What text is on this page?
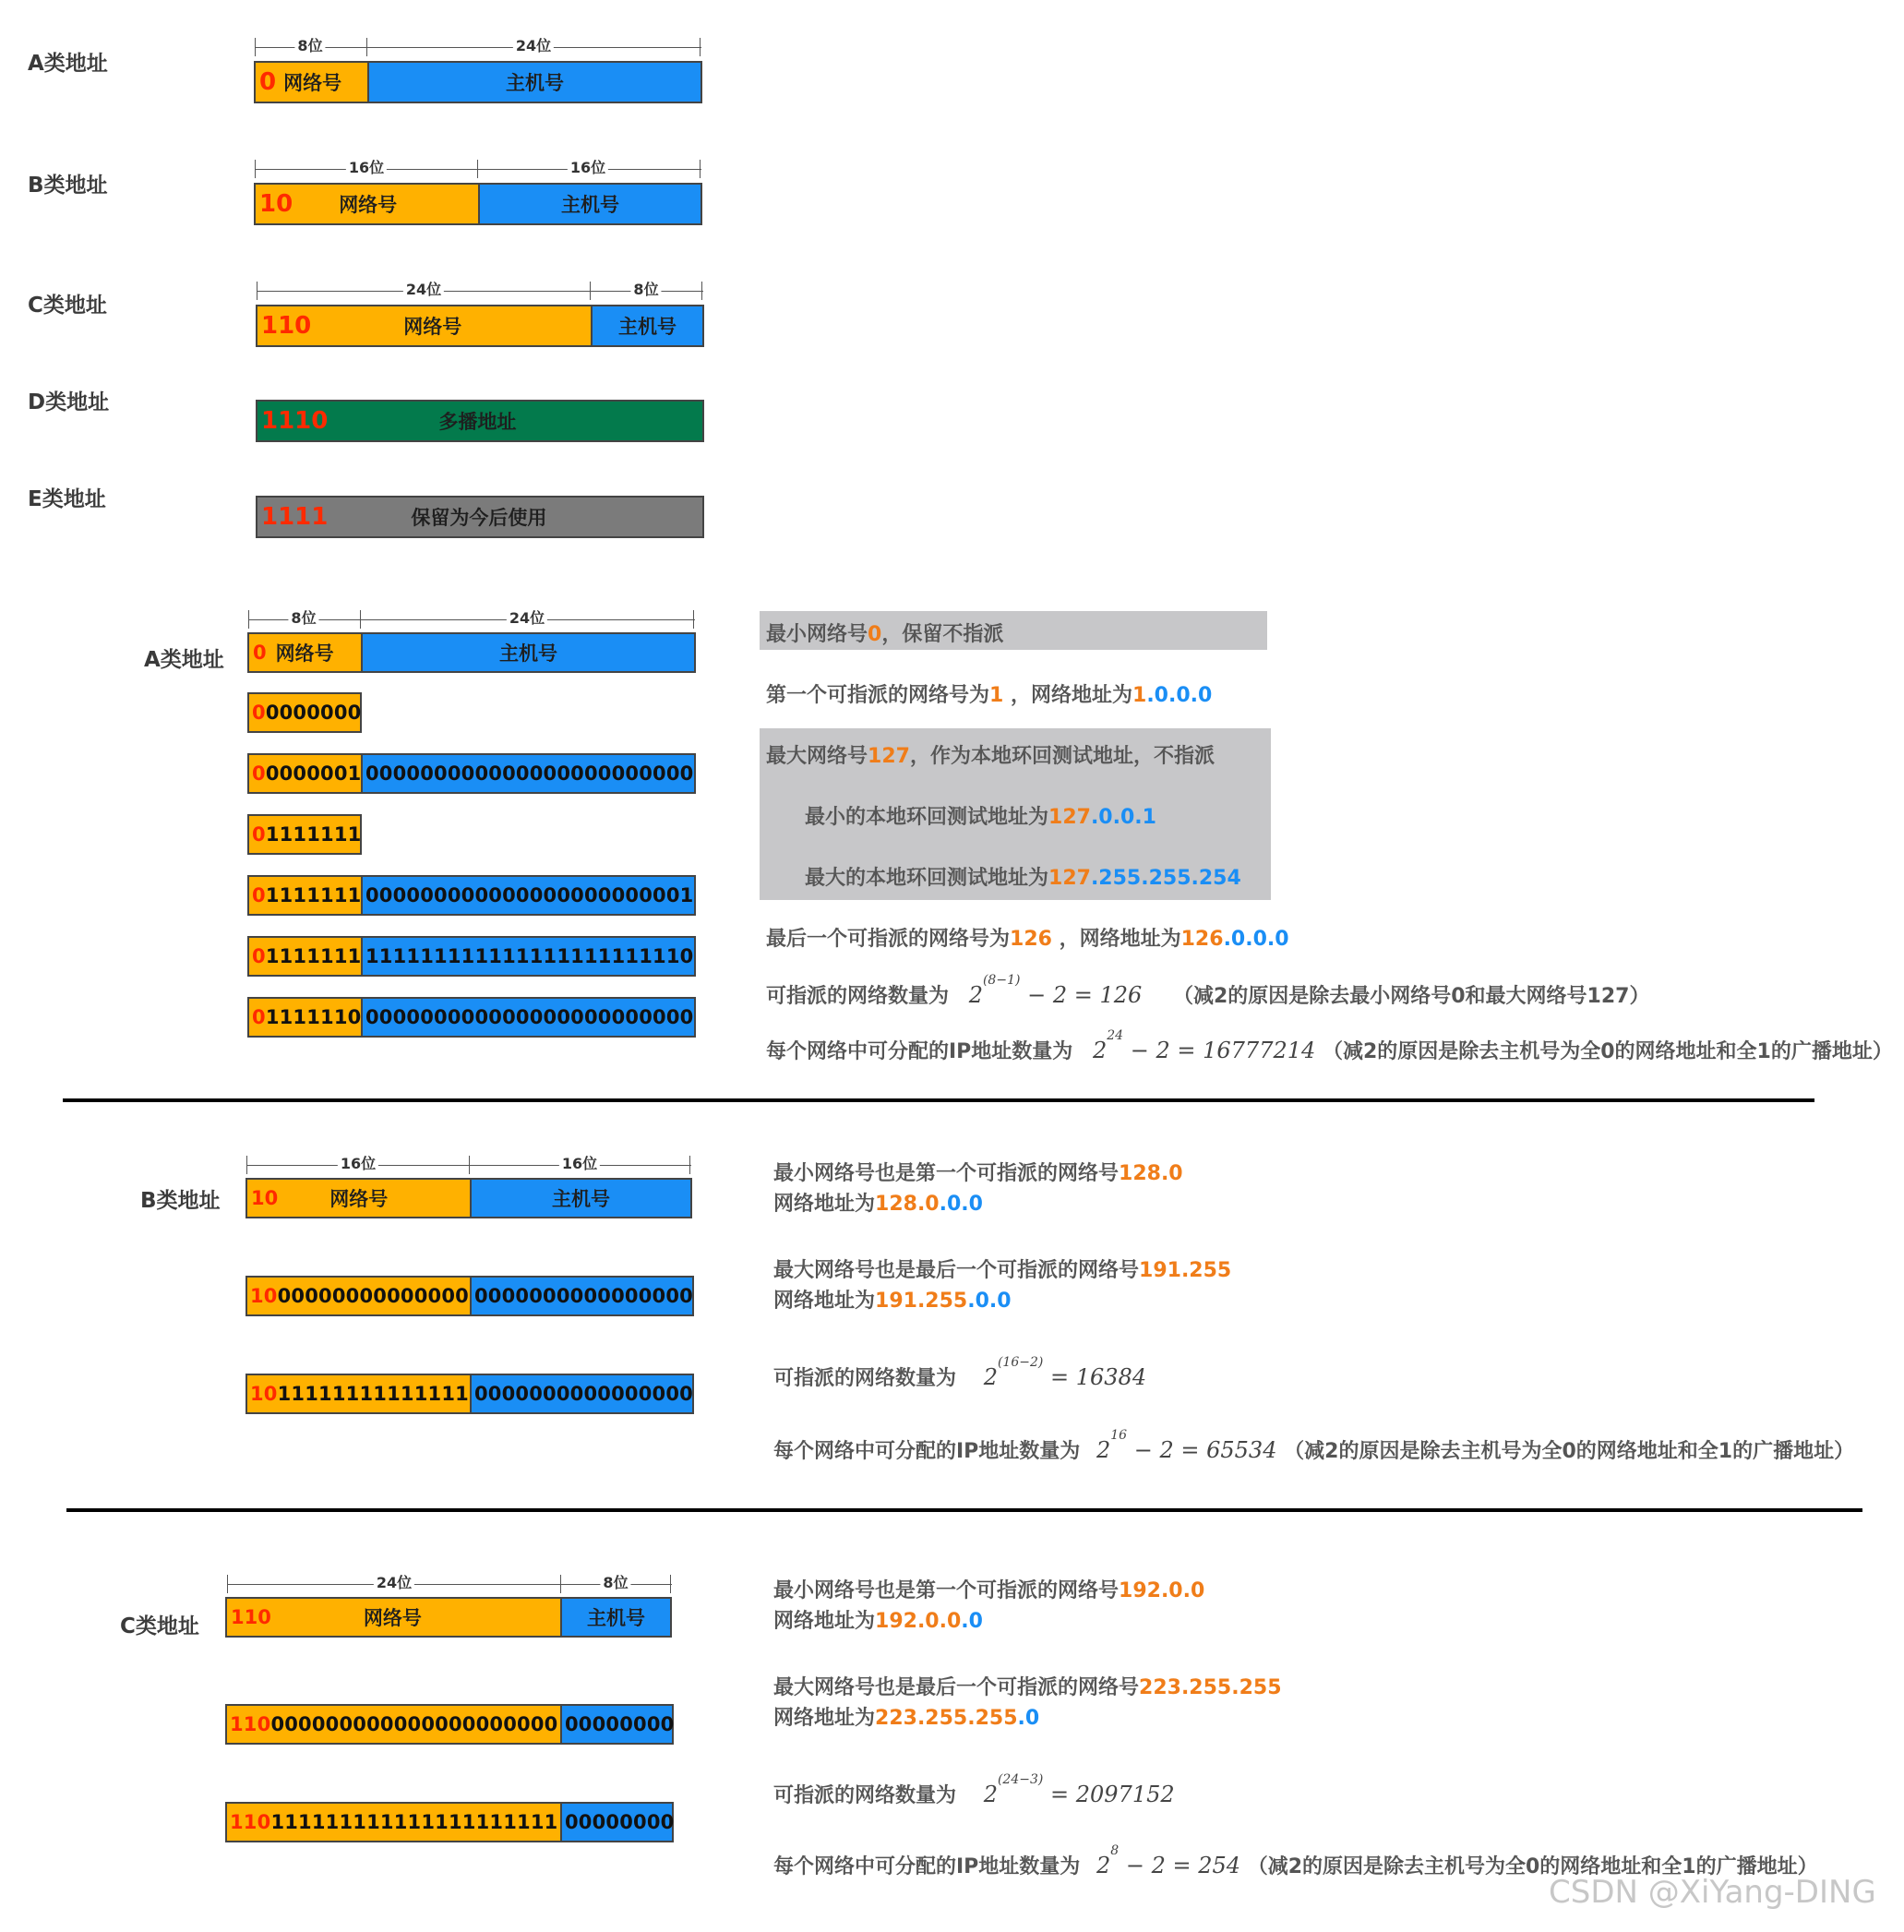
A类地址
8位	24位
0 网络号	主机号
B类地址
16位	16位
10 网络号	主机号
C类地址
24位	8位
110	网络号	主机号
D类地址
1110	多播地址
E类地址
1111	保留为今后使用
A类地址
8位	24位
0 网络号	主机号
00000000
00000001 000000000000000000000000
01111111
01111111 000000000000000000000001
01111111 111111111111111111111110
01111110 000000000000000000000000
最小网络号0，保留不指派
第一个可指派的网络号为1 ，网络地址为1.0.0.0
最大网络号127，作为本地环回测试地址，不指派
最小的本地环回测试地址为127.0.0.1
最大的本地环回测试地址为127.255.255.254
最后一个可指派的网络号为126 ，网络地址为126.0.0.0
可指派的网络数量为 $2^{(8-1)} - 2 = 126$ （减2的原因是除去最小网络号0和最大网络号127）
每个网络中可分配的IP地址数量为 $2^{24} - 2 = 16777214$ （减2的原因是除去主机号为全0的网络地址和全1的广播地址）
B类地址
16位	16位
10	网络号	主机号
1000000000000000 0000000000000000
1011111111111111 0000000000000000
最小网络号也是第一个可指派的网络号128.0
网络地址为128.0.0.0
最大网络号也是最后一个可指派的网络号191.255
网络地址为191.255.0.0
可指派的网络数量为 $2^{(16-2)} = 16384$
每个网络中可分配的IP地址数量为 $2^{16} - 2 = 65534$ （减2的原因是除去主机号为全0的网络地址和全1的广播地址）
C类地址
24位	8位
110	网络号	主机号
110000000000000000000000 00000000
110111111111111111111111 00000000
最小网络号也是第一个可指派的网络号192.0.0
网络地址为192.0.0.0
最大网络号也是最后一个可指派的网络号223.255.255
网络地址为223.255.255.0
可指派的网络数量为 $2^{(24-3)} = 2097152$
每个网络中可分配的IP地址数量为 $2^8 - 2 = 254$ （减2的原因是除去主机号为全0的网络地址和全1的广播地址）
CSDN @XiYang-DING
